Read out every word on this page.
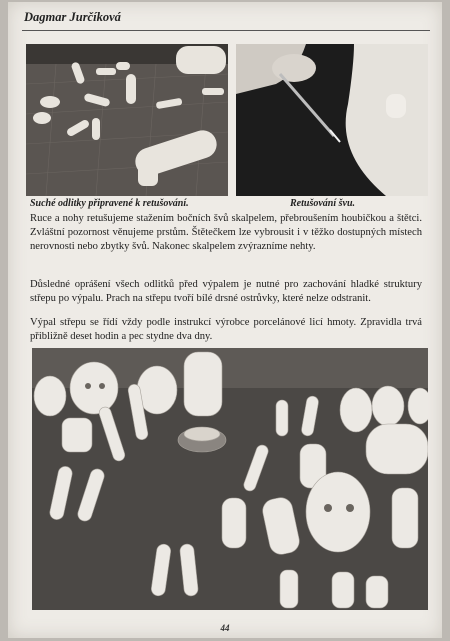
Dagmar Jurčíková
Suché odlitky připravené k retušování.	Retušování švu.

Ruce a nohy retušujeme stažením bočních švů skalpelem, přebroušením houbičkou a štětci. Zvláštní pozornost věnujeme prstům. Štětečkem lze vybrousit i v těžko dostupných místech nerovnosti nebo zbytky švů. Nakonec skalpelem zvýrazníme nehty.

Důsledné oprášení všech odlitků před výpalem je nutné pro zachování hladké struktury střepu po výpalu. Prach na střepu tvoří bílé drsné ostrůvky, které nelze odstranit.

Výpal střepu se řídí vždy podle instrukcí výrobce porcelánové licí hmoty. Zpravidla trvá přibližně deset hodin a pec stydne dva dny.

44
